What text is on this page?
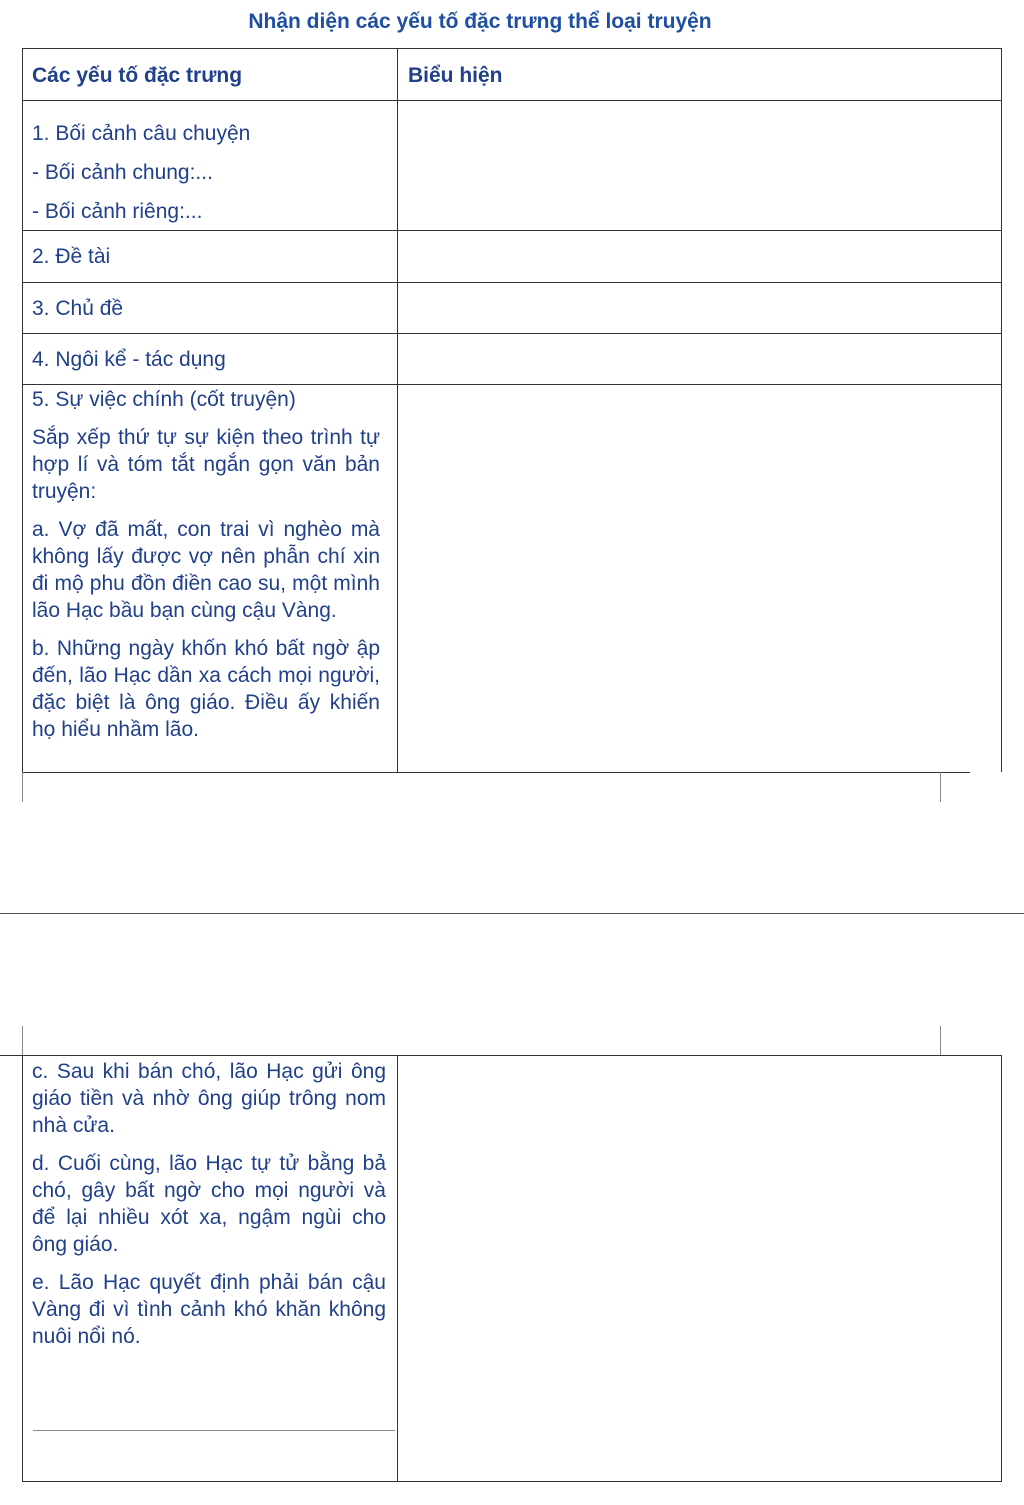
Nhận diện các yếu tố đặc trưng thể loại truyện
Các yếu tố đặc trưng	Biểu hiện
1. Bối cảnh câu chuyện
- Bối cảnh chung:...
- Bối cảnh riêng:...
2. Đề tài
3. Chủ đề
4. Ngôi kể - tác dụng
5. Sự việc chính (cốt truyện)
Sắp xếp thứ tự sự kiện theo trình tự hợp lí và tóm tắt ngắn gọn văn bản truyện:
a. Vợ đã mất, con trai vì nghèo mà không lấy được vợ nên phẫn chí xin đi mộ phu đồn điền cao su, một mình lão Hạc bầu bạn cùng cậu Vàng.
b. Những ngày khốn khó bất ngờ ập đến, lão Hạc dần xa cách mọi người, đặc biệt là ông giáo. Điều ấy khiến họ hiểu nhầm lão.
c. Sau khi bán chó, lão Hạc gửi ông giáo tiền và nhờ ông giúp trông nom nhà cửa.
d. Cuối cùng, lão Hạc tự tử bằng bả chó, gây bất ngờ cho mọi người và để lại nhiều xót xa, ngậm ngùi cho ông giáo.
e. Lão Hạc quyết định phải bán cậu Vàng đi vì tình cảnh khó khăn không nuôi nổi nó.
